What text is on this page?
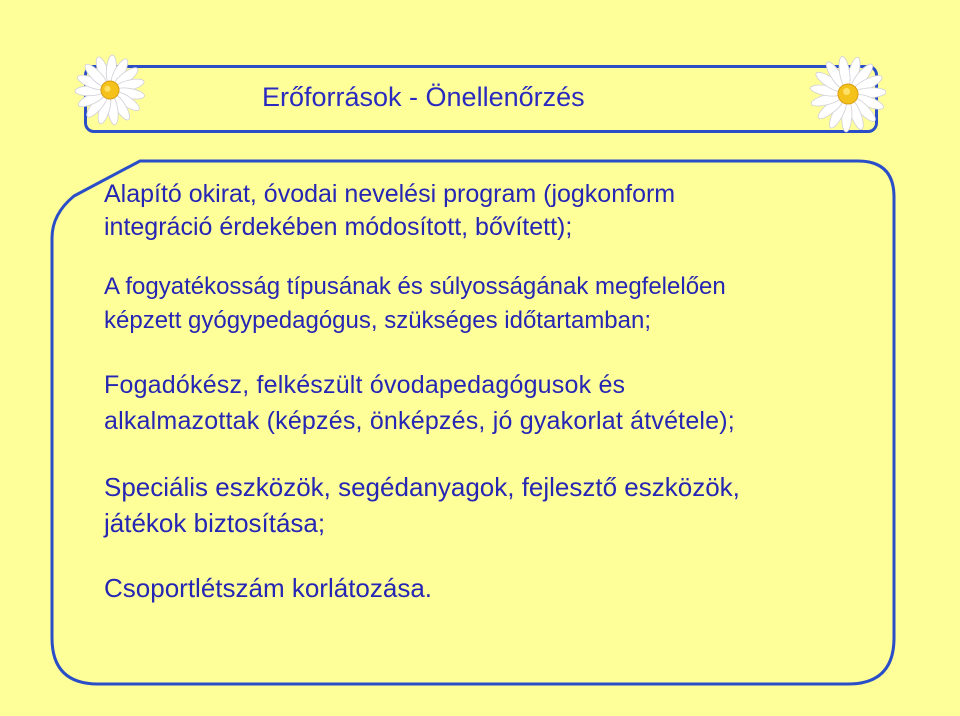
Erőforrások - Önellenőrzés

Alapító okirat, óvodai nevelési program (jogkonform
integráció érdekében módosított, bővített);

A fogyatékosság típusának és súlyosságának megfelelően
képzett gyógypedagógus, szükséges időtartamban;

Fogadókész, felkészült óvodapedagógusok és
alkalmazottak (képzés, önképzés, jó gyakorlat átvétele);

Speciális eszközök, segédanyagok, fejlesztő eszközök,
játékok biztosítása;

Csoportlétszám korlátozása.
